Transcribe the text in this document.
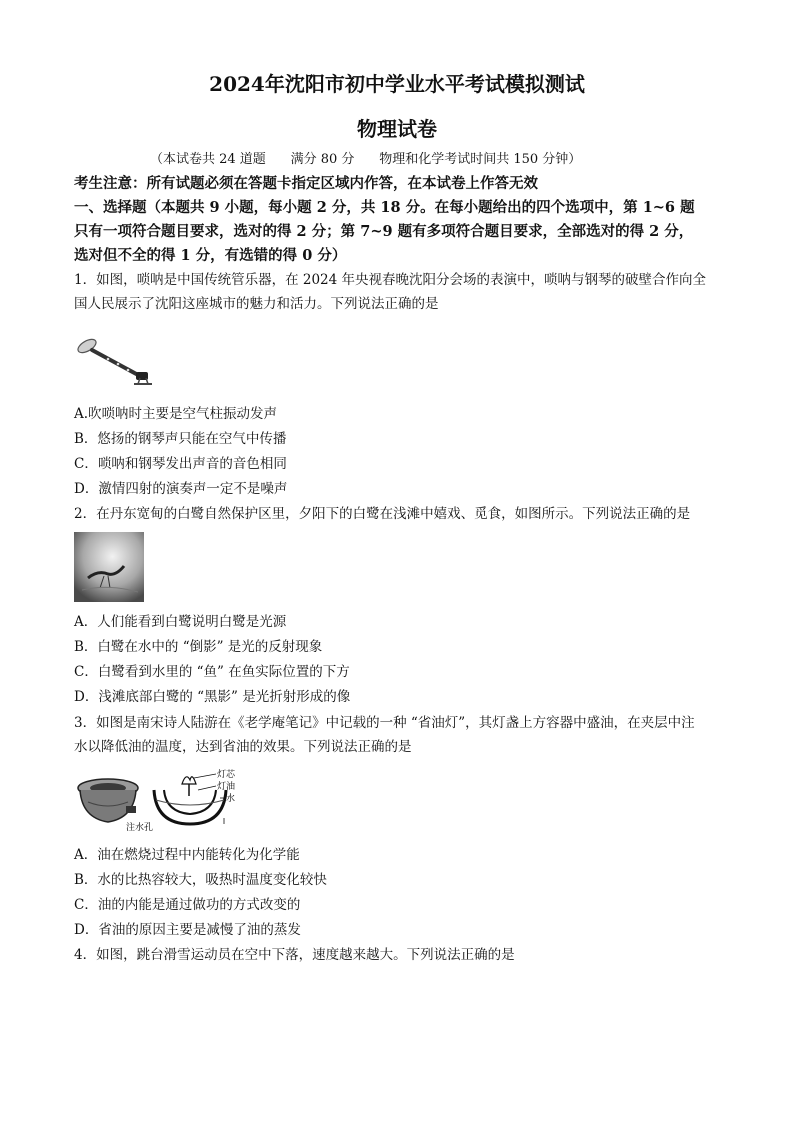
2024年沈阳市初中学业水平考试模拟测试
物理试卷
（本试卷共 24 道题 满分 80 分 物理和化学考试时间共 150 分钟）
考生注意：所有试题必须在答题卡指定区域内作答，在本试卷上作答无效
一、选择题（本题共 9 小题，每小题 2 分，共 18 分。在每小题给出的四个选项中，第 1~6 题
只有一项符合题目要求，选对的得 2 分；第 7~9 题有多项符合题目要求，全部选对的得 2 分，
选对但不全的得 1 分，有选错的得 0 分）
1．如图，唢呐是中国传统管乐器，在 2024 年央视春晚沈阳分会场的表演中，唢呐与钢琴的破壁合作向全
国人民展示了沈阳这座城市的魅力和活力。下列说法正确的是
A.吹唢呐时主要是空气柱振动发声
B．悠扬的钢琴声只能在空气中传播
C．唢呐和钢琴发出声音的音色相同
D．激情四射的演奏声一定不是噪声
2．在丹东宽甸的白鹭自然保护区里，夕阳下的白鹭在浅滩中嬉戏、觅食，如图所示。下列说法正确的是
A．人们能看到白鹭说明白鹭是光源
B．白鹭在水中的 “倒影” 是光的反射现象
C．白鹭看到水里的 “鱼” 在鱼实际位置的下方
D．浅滩底部白鹭的 “黑影” 是光折射形成的像
3．如图是南宋诗人陆游在《老学庵笔记》中记载的一种 “省油灯”，其灯盏上方容器中盛油，在夹层中注
水以降低油的温度，达到省油的效果。下列说法正确的是
灯芯
灯油
水
注水孔
A．油在燃烧过程中内能转化为化学能
B．水的比热容较大，吸热时温度变化较快
C．油的内能是通过做功的方式改变的
D．省油的原因主要是减慢了油的蒸发
4．如图，跳台滑雪运动员在空中下落，速度越来越大。下列说法正确的是
